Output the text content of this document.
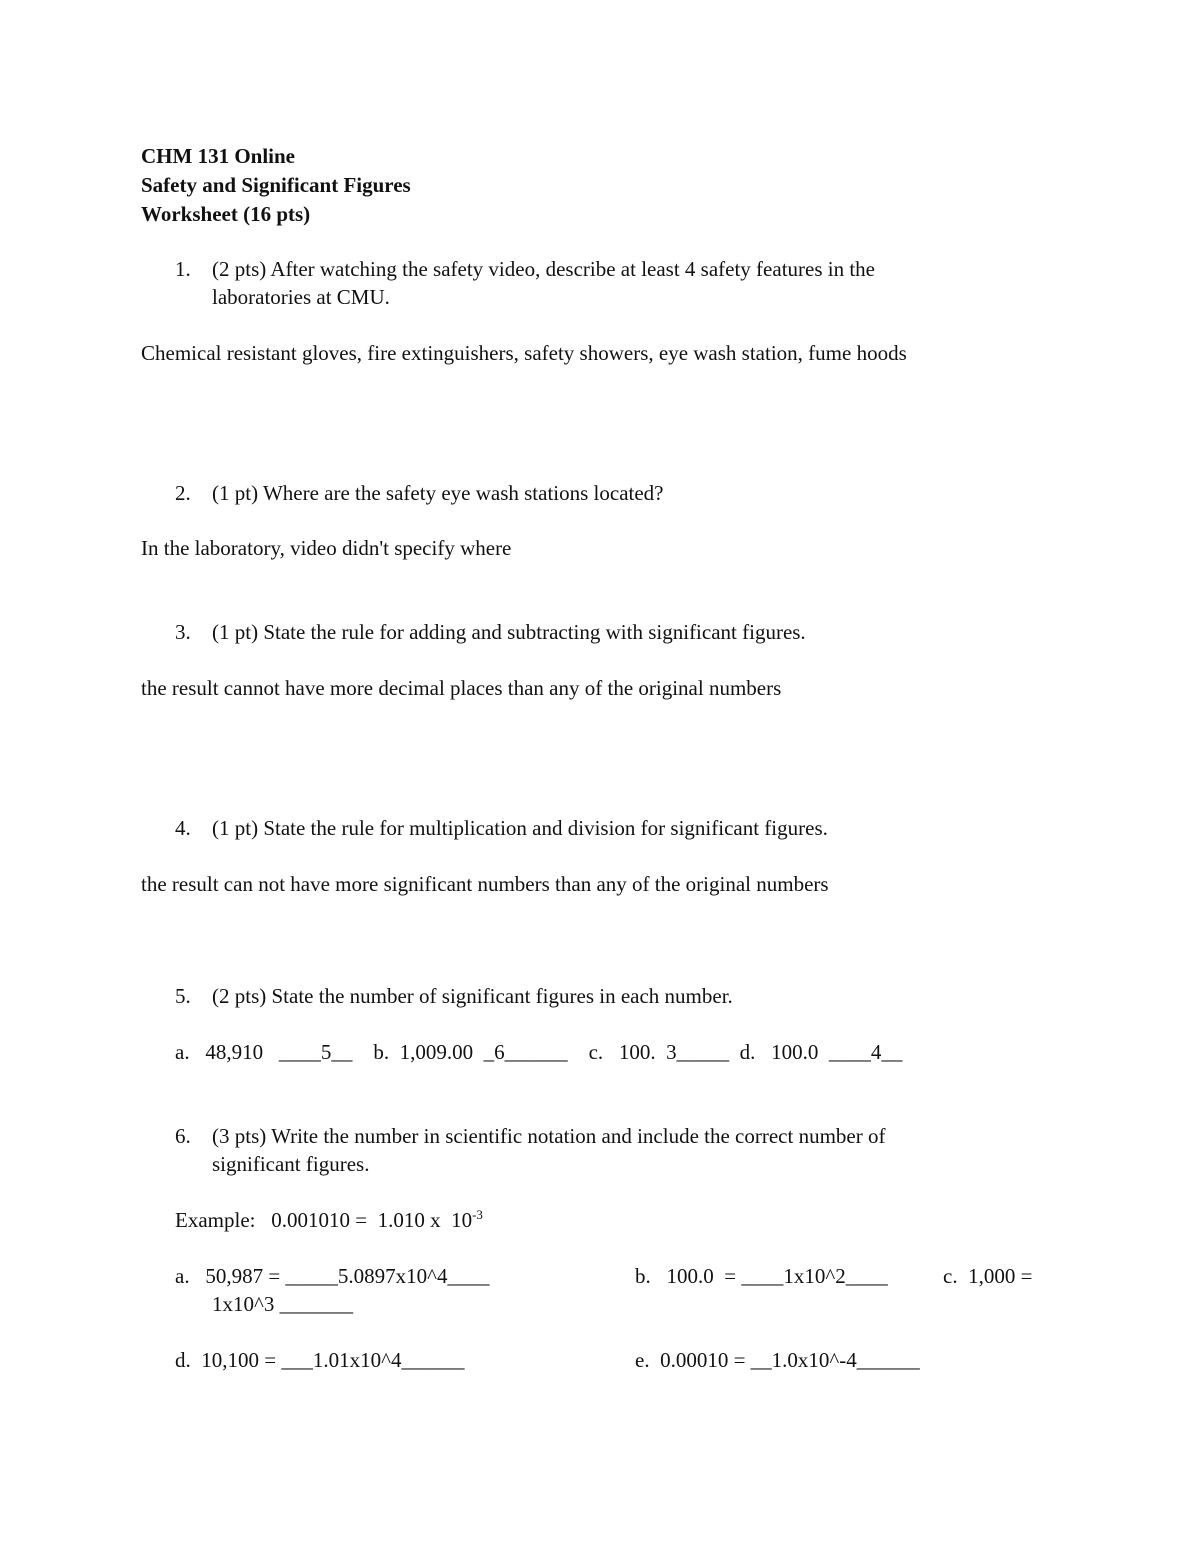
CHM 131 Online
Safety and Significant Figures
Worksheet (16 pts)
1. (2 pts) After watching the safety video, describe at least 4 safety features in the
laboratories at CMU.
Chemical resistant gloves, fire extinguishers, safety showers, eye wash station, fume hoods
2. (1 pt) Where are the safety eye wash stations located?
In the laboratory, video didn't specify where
3. (1 pt) State the rule for adding and subtracting with significant figures.
the result cannot have more decimal places than any of the original numbers
4. (1 pt) State the rule for multiplication and division for significant figures.
the result can not have more significant numbers than any of the original numbers
5. (2 pts) State the number of significant figures in each number.
a.   48,910   ____5__    b.  1,009.00  _6______    c.   100.  3_____  d.   100.0  ____4__
6. (3 pts) Write the number in scientific notation and include the correct number of
significant figures.
Example:   0.001010 =  1.010 x  $10^{-3}$
a.   50,987 = _____5.0897x10^4____	b.   100.0  = ____1x10^2____	c.  1,000 =
1x10^3 _______
d.  10,100 = ___1.01x10^4______	e.  0.00010 = __1.0x10^-4______
